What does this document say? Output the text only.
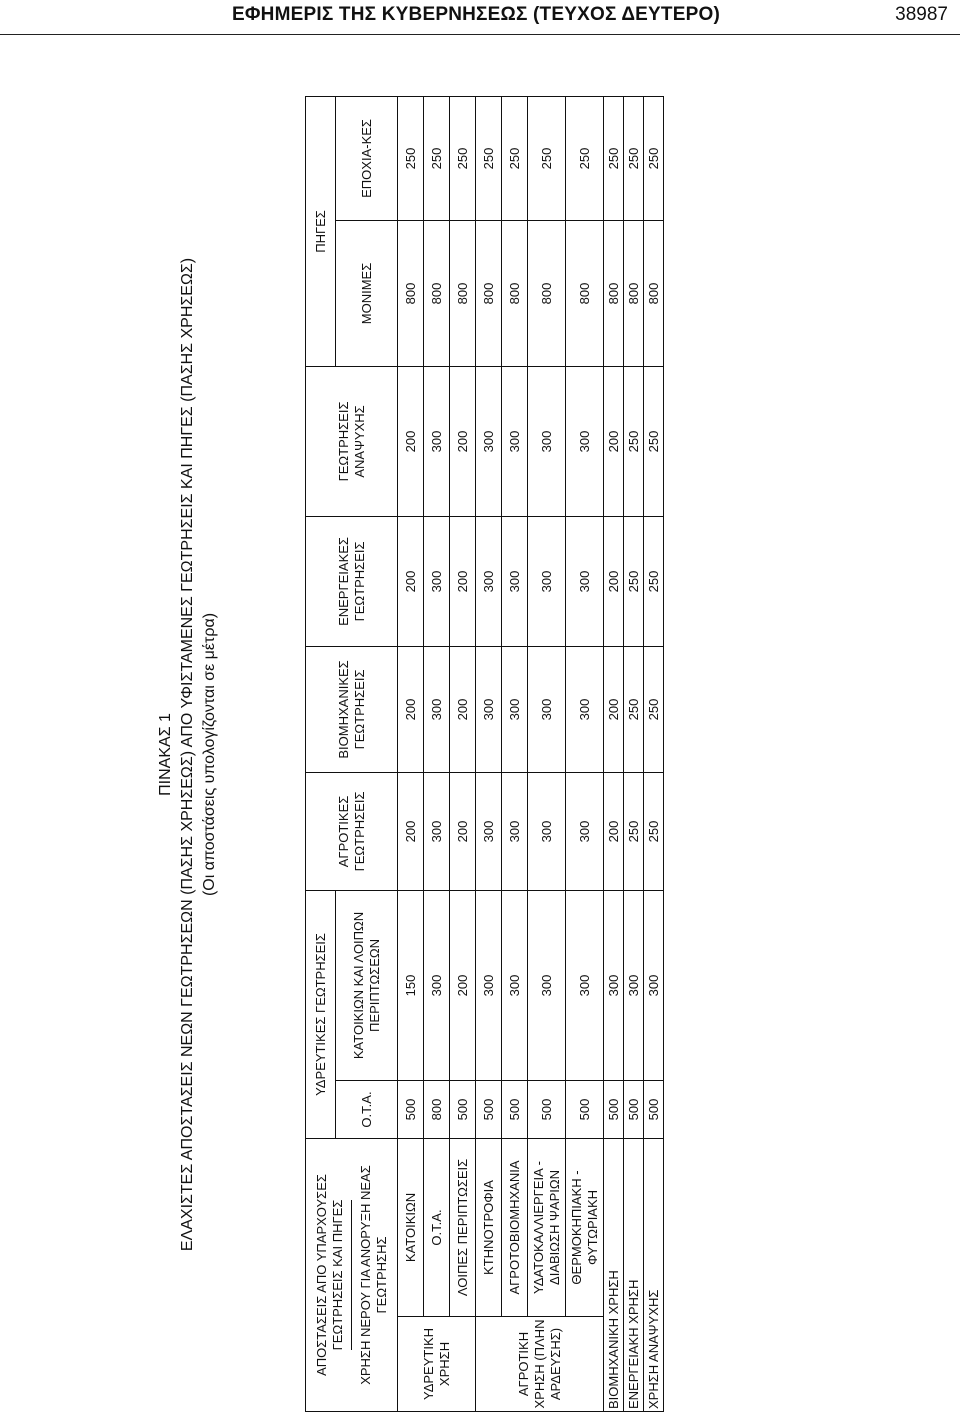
ΕΦΗΜΕΡΙΣ ΤΗΣ ΚΥΒΕΡΝΗΣΕΩΣ (ΤΕΥΧΟΣ ΔΕΥΤΕΡΟ)	38987
ΠΙΝΑΚΑΣ 1 ΕΛΑΧΙΣΤΕΣ ΑΠΟΣΤΑΣΕΙΣ ΝΕΩΝ ΓΕΩΤΡΗΣΕΩΝ (ΠΑΣΗΣ ΧΡΗΣΕΩΣ) ΑΠΟ ΥΦΙΣΤΑΜΕΝΕΣ ΓΕΩΤΡΗΣΕΙΣ ΚΑΙ ΠΗΓΕΣ (ΠΑΣΗΣ ΧΡΗΣΕΩΣ) (Οι αποστάσεις υπολογίζονται σε μέτρα)
ΑΠΟΣΤΑΣΕΙΣ ΑΠΟ ΥΠΑΡΧΟΥΣΕΣ ΓΕΩΤΡΗΣΕΙΣ ΚΑΙ ΠΗΓΕΣ ΧΡΗΣΗ ΝΕΡΟΥ ΓΙΑ ΑΝΟΡΥΞΗ ΝΕΑΣ ΓΕΩΤΡΗΣΗΣ		ΥΔΡΕΥΤΙΚΕΣ ΓΕΩΤΡΗΣΕΙΣ		ΑΓΡΟΤΙΚΕΣ ΓΕΩΤΡΗΣΕΙΣ	ΒΙΟΜΗΧΑΝΙΚΕΣ ΓΕΩΤΡΗΣΕΙΣ	ΕΝΕΡΓΕΙΑΚΕΣ ΓΕΩΤΡΗΣΕΙΣ	ΓΕΩΤΡΗΣΕΙΣ ΑΝΑΨΥΧΗΣ	ΠΗΓΕΣ	
		Ο.Τ.Α.	ΚΑΤΟΙΚΙΩΝ ΚΑΙ ΛΟΙΠΩΝ ΠΕΡΙΠΤΩΣΕΩΝ					ΜΟΝΙΜΕΣ	ΕΠΟΧΙΑ-ΚΕΣ
ΥΔΡΕΥΤΙΚΗ ΧΡΗΣΗ	ΚΑΤΟΙΚΙΩΝ	500	150	200	200	200	200	800	250
	Ο.Τ.Α.	800	300	300	300	300	300	800	250
	ΛΟΙΠΕΣ ΠΕΡΙΠΤΩΣΕΙΣ	500	200	200	200	200	200	800	250
ΑΓΡΟΤΙΚΗ ΧΡΗΣΗ (ΠΛΗΝ ΑΡΔΕΥΣΗΣ)	ΚΤΗΝΟΤΡΟΦΙΑ	500	300	300	300	300	300	800	250
	ΑΓΡΟΤΟΒΙΟΜΗΧΑΝΙΑ	500	300	300	300	300	300	800	250
	ΥΔΑΤΟΚΑΛΛΙΕΡΓΕΙΑ - ΔΙΑΒΙΩΣΗ ΨΑΡΙΩΝ	500	300	300	300	300	300	800	250
	ΘΕΡΜΟΚΗΠΙΑΚΗ - ΦΥΤΩΡΙΑΚΗ	500	300	300	300	300	300	800	250
ΒΙΟΜΗΧΑΝΙΚΗ ΧΡΗΣΗ		500	300	200	200	200	200	800	250
ΕΝΕΡΓΕΙΑΚΗ ΧΡΗΣΗ		500	300	250	250	250	250	800	250
ΧΡΗΣΗ ΑΝΑΨΥΧΗΣ		500	300	250	250	250	250	800	250
